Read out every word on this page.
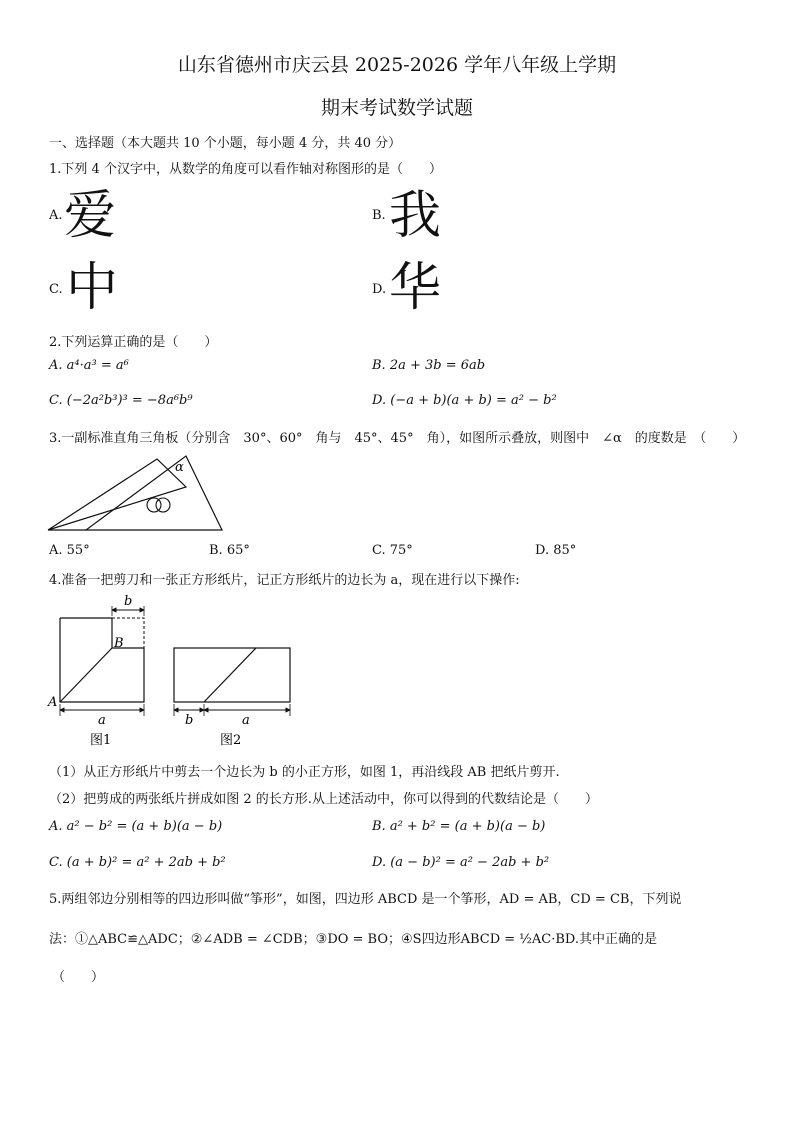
山东省德州市庆云县 2025-2026 学年八年级上学期
期末考试数学试题
一、选择题（本大题共 10 个小题，每小题 4 分，共 40 分）
1.下列 4 个汉字中，从数学的角度可以看作轴对称图形的是（　　）
A. 爱	B. 我
C. 中	D. 华
2.下列运算正确的是（　　）
A. a⁴·a³ = a⁶	B. 2a + 3b = 6ab
C. (−2a²b³)³ = −8a⁶b⁹	D. (−a + b)(a + b) = a² − b²
3.一副标准直角三角板（分别含　30°、60°　角与　45°、45°　角），如图所示叠放，则图中　∠α　的度数是　（　　）
α
A. 55°	B. 65°	C. 75°	D. 85°
4.准备一把剪刀和一张正方形纸片，记正方形纸片的边长为 a，现在进行以下操作:
b
B
A
a
图1
b	a
图2
（1）从正方形纸片中剪去一个边长为 b 的小正方形，如图 1，再沿线段 AB 把纸片剪开.
（2）把剪成的两张纸片拼成如图 2 的长方形.从上述活动中，你可以得到的代数结论是（　　）
A. a² − b² = (a + b)(a − b)	B. a² + b² = (a + b)(a − b)
C. (a + b)² = a² + 2ab + b²	D. (a − b)² = a² − 2ab + b²
5.两组邻边分别相等的四边形叫做“筝形”，如图，四边形 ABCD 是一个筝形，AD = AB，CD = CB，下列说
法：①△ABC≌△ADC；②∠ADB = ∠CDB；③DO = BO；④S四边形ABCD = ½AC·BD.其中正确的是
（　　）
